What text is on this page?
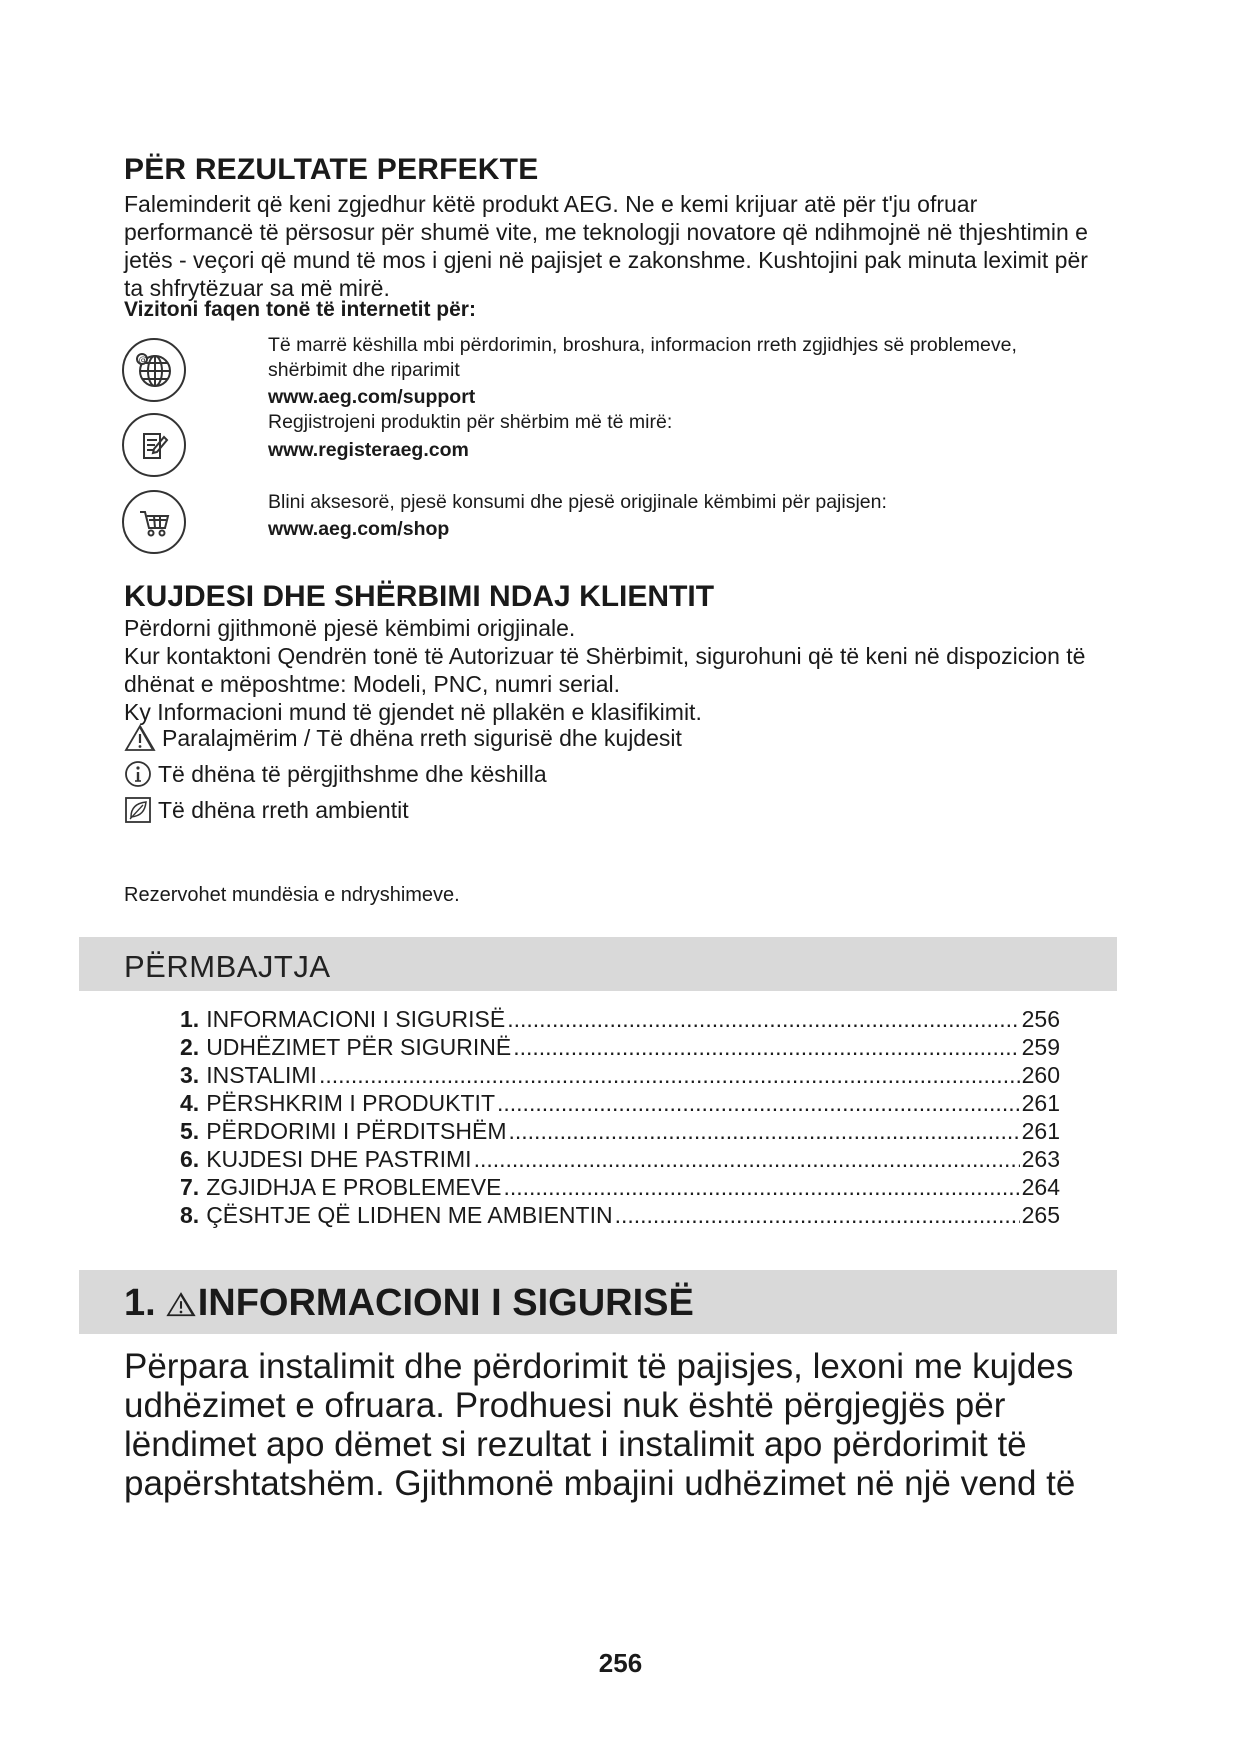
PËR REZULTATE PERFEKTE

Faleminderit që keni zgjedhur këtë produkt AEG. Ne e kemi krijuar atë për t'ju ofruar performancë të përsosur për shumë vite, me teknologji novatore që ndihmojnë në thjeshtimin e jetës - veçori që mund të mos i gjeni në pajisjet e zakonshme. Kushtojini pak minuta leximit për ta shfrytëzuar sa më mirë.

Vizitoni faqen tonë të internetit për:
@
Të marrë këshilla mbi përdorimin, broshura, informacion rreth zgjidhjes së problemeve, shërbimit dhe riparimit
www.aeg.com/support
Regjistrojeni produktin për shërbim më të mirë:
www.registeraeg.com
Blini aksesorë, pjesë konsumi dhe pjesë origjinale këmbimi për pajisjen:
www.aeg.com/shop
KUJDESI DHE SHËRBIMI NDAJ KLIENTIT

Përdorni gjithmonë pjesë këmbimi origjinale.

Kur kontaktoni Qendrën tonë të Autorizuar të Shërbimit, sigurohuni që të keni në dispozicion të dhënat e mëposhtme: Modeli, PNC, numri serial.

Ky Informacioni mund të gjendet në pllakën e klasifikimit.

Paralajmërim / Të dhëna rreth sigurisë dhe kujdesit
Të dhëna të përgjithshme dhe këshilla
Të dhëna rreth ambientit
Rezervohet mundësia e ndryshimeve.
PËRMBAJTJA
1. INFORMACIONI I SIGURISË .....	256
2. UDHËZIMET PËR SIGURINË .....	259
3. INSTALIMI .....	260
4. PËRSHKRIM I PRODUKTIT .....	261
5. PËRDORIMI I PËRDITSHËM .....	261
6. KUJDESI DHE PASTRIMI .....	263
7. ZGJIDHJA E PROBLEMEVE .....	264
8. ÇËSHTJE QË LIDHEN ME AMBIENTIN .....	265
1. INFORMACIONI I SIGURISË
Përpara instalimit dhe përdorimit të pajisjes, lexoni me kujdes udhëzimet e ofruara. Prodhuesi nuk është përgjegjës për lëndimet apo dëmet si rezultat i instalimit apo përdorimit të papërshtatshëm. Gjithmonë mbajini udhëzimet në një vend të
256
